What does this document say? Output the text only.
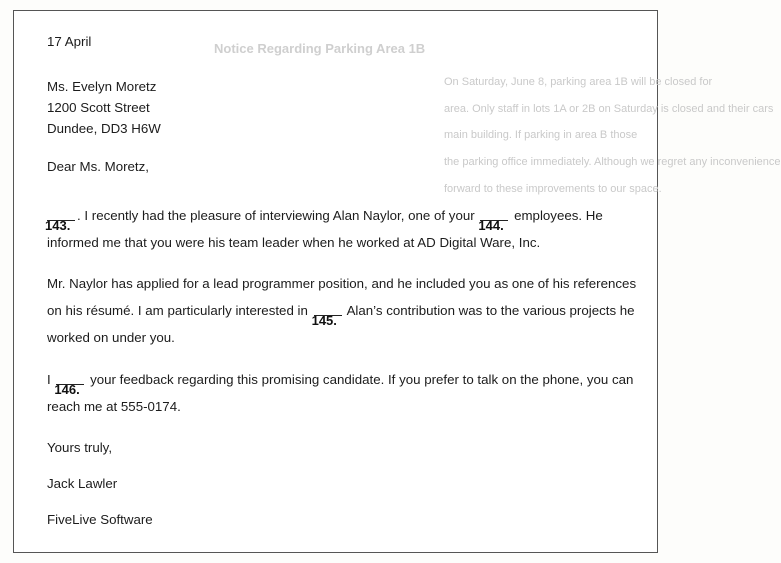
Notice Regarding Parking Area 1B
On Saturday, June 8, parking area 1B will be closed for
area. Only staff in lots 1A or 2B on Saturday is closed and their cars
main building. If parking in area B those
the parking office immediately. Although we regret any inconvenience
forward to these improvements to our space.
17 April
Ms. Evelyn Moretz
1200 Scott Street
Dundee, DD3 H6W
Dear Ms. Moretz,
143.
. I recently had the pleasure of interviewing Alan Naylor, one of your
144.
employees. He
informed me that you were his team leader when he worked at AD Digital Ware, Inc.
Mr. Naylor has applied for a lead programmer position, and he included you as one of his references
on his résumé. I am particularly interested in
145.
Alan’s contribution was to the various projects he
worked on under you.
I
146.
your feedback regarding this promising candidate. If you prefer to talk on the phone, you can
reach me at 555-0174.
Yours truly,
Jack Lawler
FiveLive Software
